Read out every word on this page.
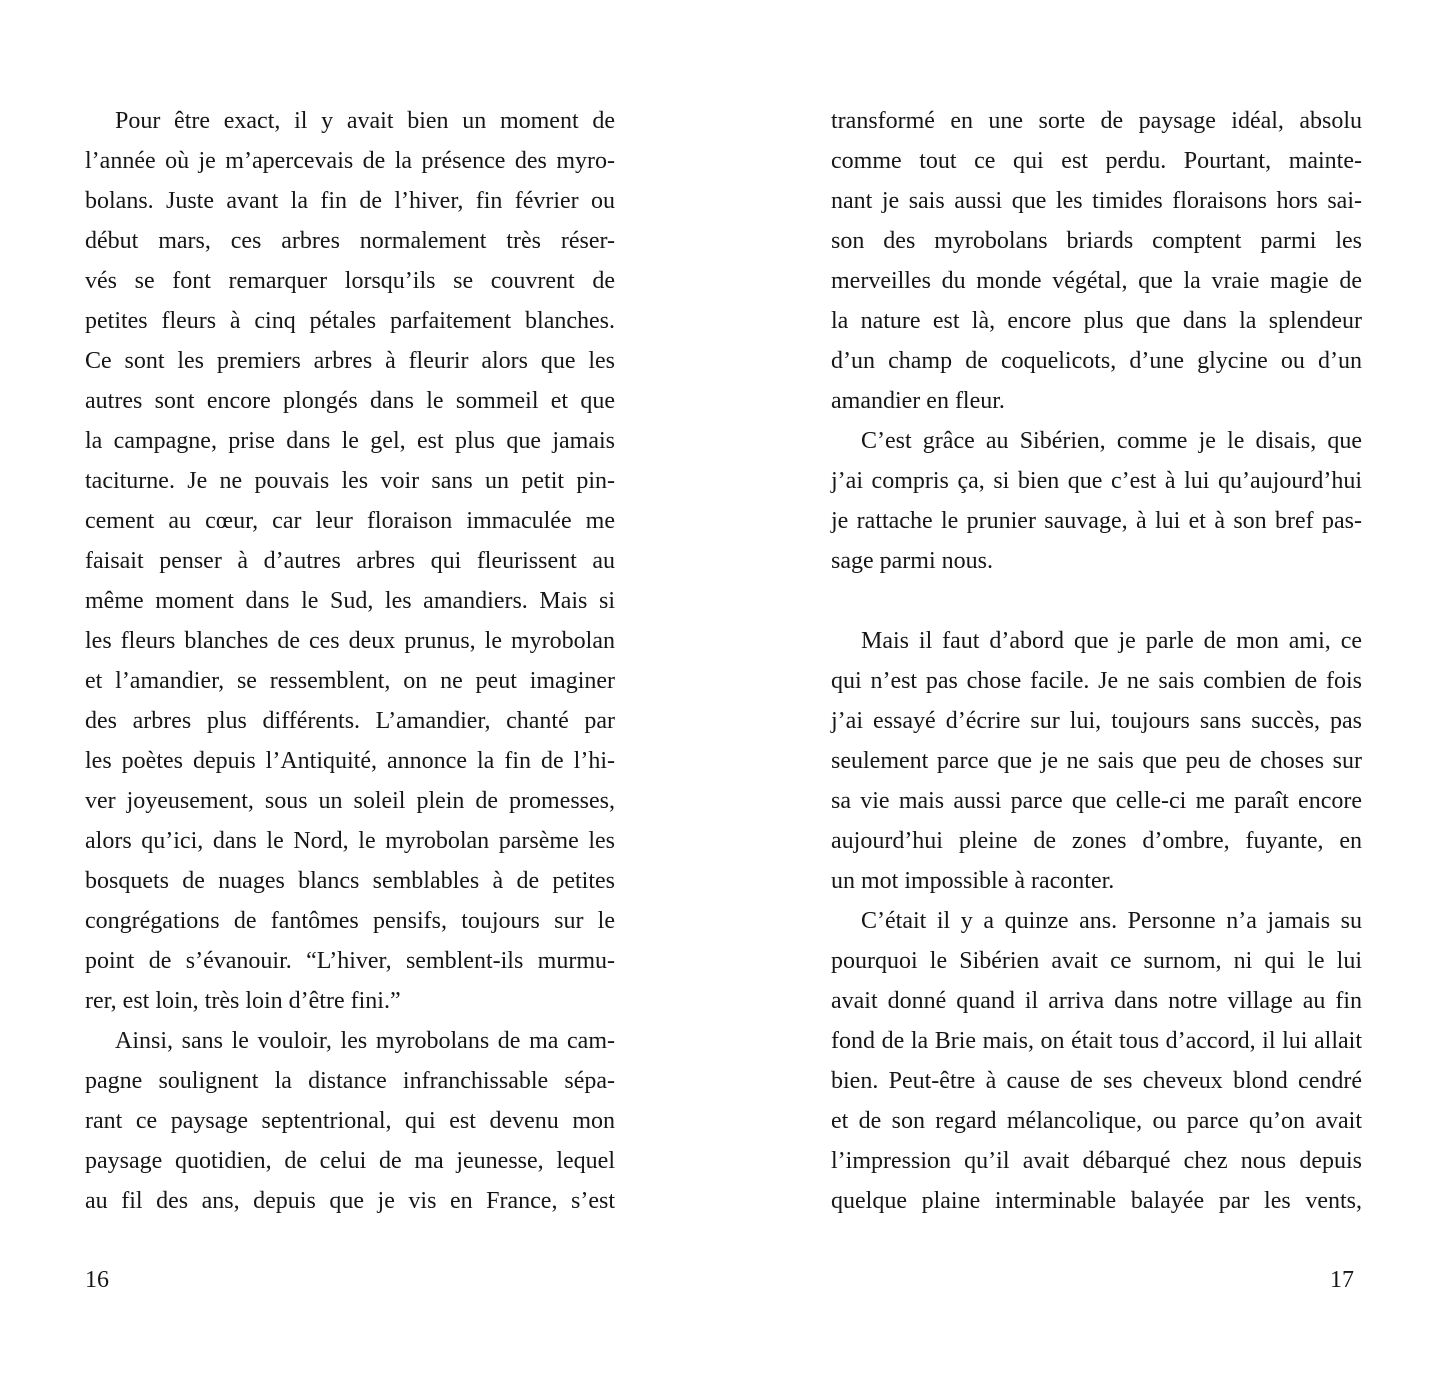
Pour être exact, il y avait bien un moment de
l’année où je m’apercevais de la présence des myro-
bolans. Juste avant la fin de l’hiver, fin février ou
début mars, ces arbres normalement très réser-
vés se font remarquer lorsqu’ils se couvrent de
petites fleurs à cinq pétales parfaitement blanches.
Ce sont les premiers arbres à fleurir alors que les
autres sont encore plongés dans le sommeil et que
la campagne, prise dans le gel, est plus que jamais
taciturne. Je ne pouvais les voir sans un petit pin-
cement au cœur, car leur floraison immaculée me
faisait penser à d’autres arbres qui fleurissent au
même moment dans le Sud, les amandiers. Mais si
les fleurs blanches de ces deux prunus, le myrobolan
et l’amandier, se ressemblent, on ne peut imaginer
des arbres plus différents. L’amandier, chanté par
les poètes depuis l’Antiquité, annonce la fin de l’hi-
ver joyeusement, sous un soleil plein de promesses,
alors qu’ici, dans le Nord, le myrobolan parsème les
bosquets de nuages blancs semblables à de petites
congrégations de fantômes pensifs, toujours sur le
point de s’évanouir. “L’hiver, semblent-ils murmu-
rer, est loin, très loin d’être fini.”
Ainsi, sans le vouloir, les myrobolans de ma cam-
pagne soulignent la distance infranchissable sépa-
rant ce paysage septentrional, qui est devenu mon
paysage quotidien, de celui de ma jeunesse, lequel
au fil des ans, depuis que je vis en France, s’est
transformé en une sorte de paysage idéal, absolu
comme tout ce qui est perdu. Pourtant, mainte-
nant je sais aussi que les timides floraisons hors sai-
son des myrobolans briards comptent parmi les
merveilles du monde végétal, que la vraie magie de
la nature est là, encore plus que dans la splendeur
d’un champ de coquelicots, d’une glycine ou d’un
amandier en fleur.
C’est grâce au Sibérien, comme je le disais, que
j’ai compris ça, si bien que c’est à lui qu’aujourd’hui
je rattache le prunier sauvage, à lui et à son bref pas-
sage parmi nous.
Mais il faut d’abord que je parle de mon ami, ce
qui n’est pas chose facile. Je ne sais combien de fois
j’ai essayé d’écrire sur lui, toujours sans succès, pas
seulement parce que je ne sais que peu de choses sur
sa vie mais aussi parce que celle-ci me paraît encore
aujourd’hui pleine de zones d’ombre, fuyante, en
un mot impossible à raconter.
C’était il y a quinze ans. Personne n’a jamais su
pourquoi le Sibérien avait ce surnom, ni qui le lui
avait donné quand il arriva dans notre village au fin
fond de la Brie mais, on était tous d’accord, il lui allait
bien. Peut-être à cause de ses cheveux blond cendré
et de son regard mélancolique, ou parce qu’on avait
l’impression qu’il avait débarqué chez nous depuis
quelque plaine interminable balayée par les vents,
16	17
